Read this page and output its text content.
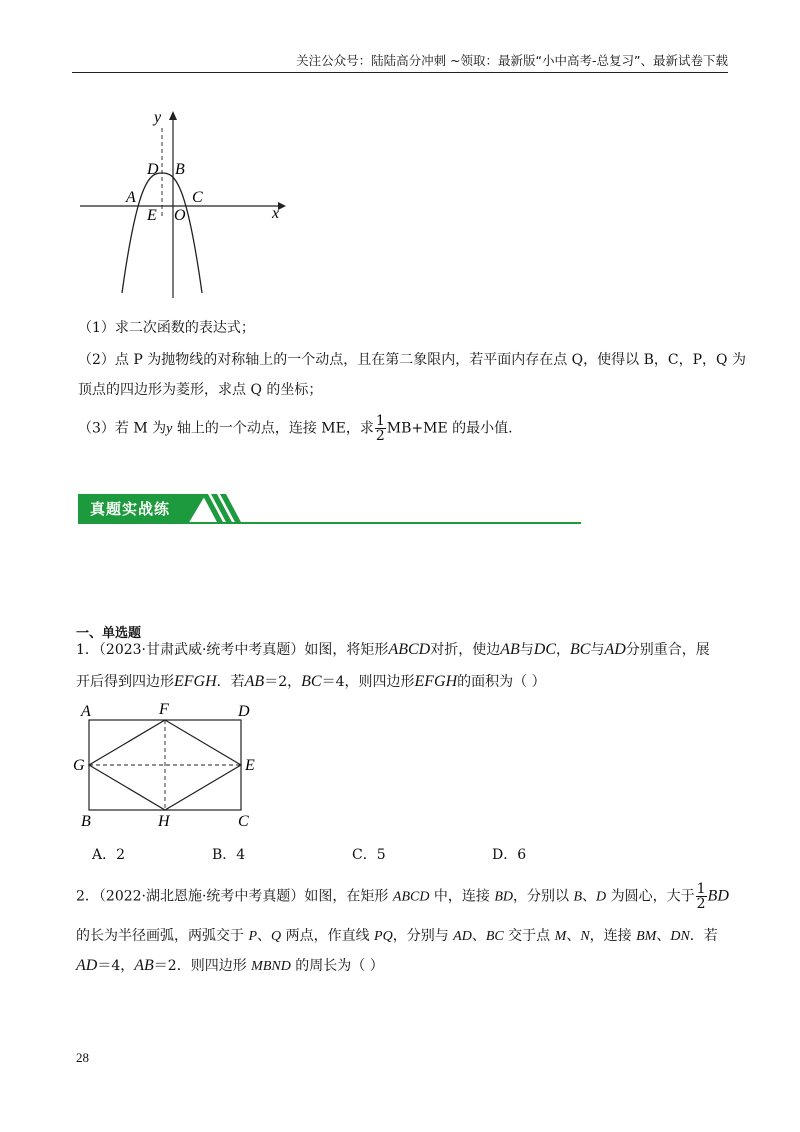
关注公众号：陆陆高分冲刺 ~领取：最新版“小中高考-总复习”、最新试卷下载
y
x
D B
A	C
E O
（1）求二次函数的表达式；
（2）点 P 为抛物线的对称轴上的一个动点，且在第二象限内，若平面内存在点 Q，使得以 B，C，P，Q 为
顶点的四边形为菱形，求点 Q 的坐标；
（3）若 M 为y 轴上的一个动点，连接 ME，求 $\frac{1}{2} MB+ME$ 的最小值.
真题实战练
一、单选题
1．（2023·甘肃武威·统考中考真题）如图，将矩形ABCD对折，使边AB与DC，BC与AD分别重合，展
开后得到四边形EFGH．若AB＝2，BC＝4，则四边形EFGH的面积为（ ）
A	F	D
G	E
B	H	C
A．2	B．4	C．5	D．6
2．（2022·湖北恩施·统考中考真题）如图，在矩形 ABCD 中，连接 BD，分别以 B、D 为圆心，大于 $\frac{1}{2}$ BD
的长为半径画弧，两弧交于 P、Q 两点，作直线 PQ，分别与 AD、BC 交于点 M、N，连接 BM、DN．若
AD＝4，AB＝2．则四边形 MBND 的周长为（ ）
28
